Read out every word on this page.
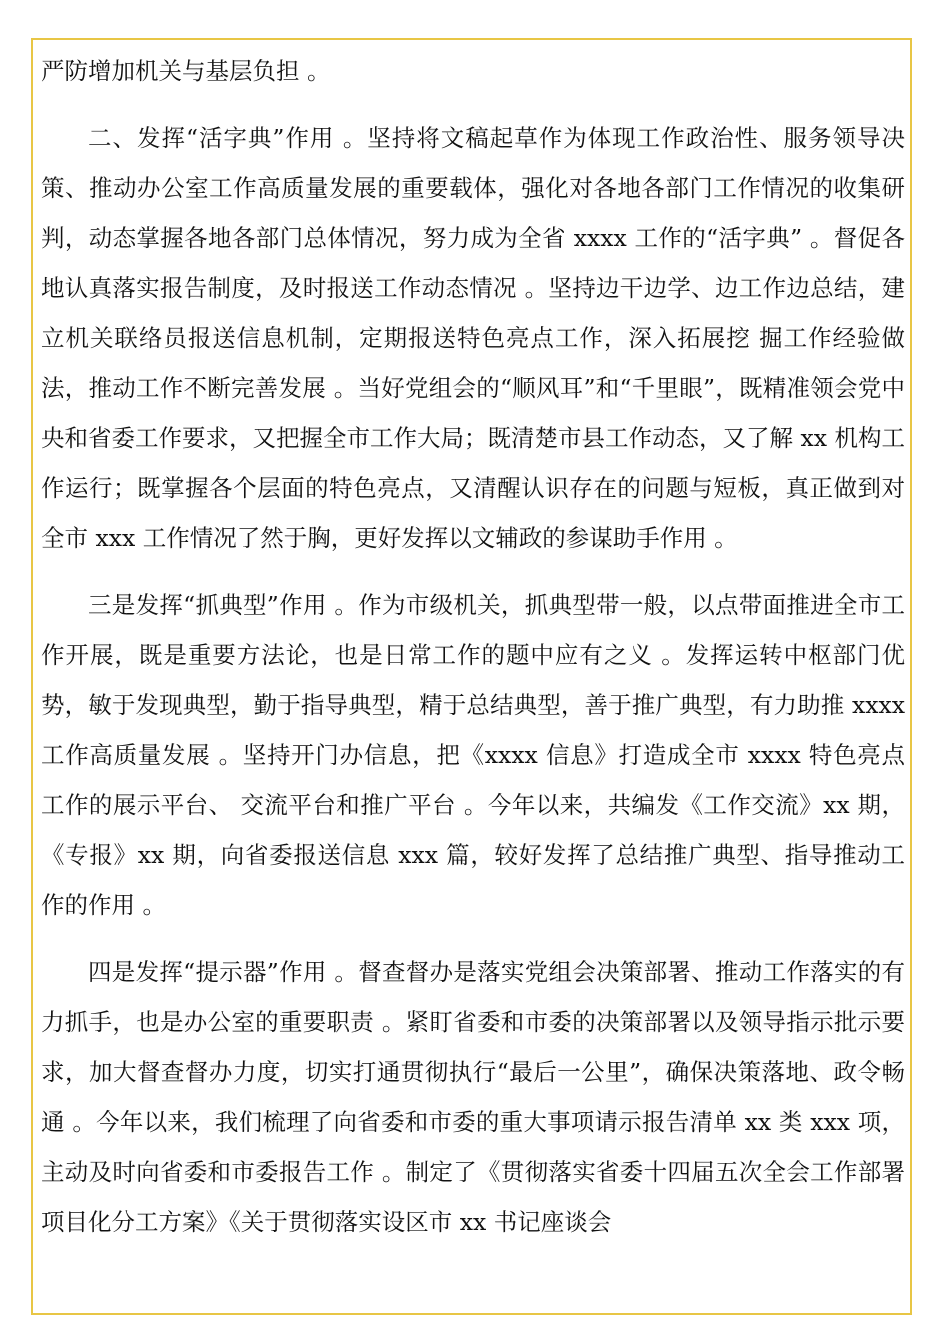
严防增加机关与基层负担 。

二、发挥“活字典”作用 。坚持将文稿起草作为体现工作政治性、服务领导决策、推动办公室工作高质量发展的重要载体，强化对各地各部门工作情况的收集研判，动态掌握各地各部门总体情况，努力成为全省 xxxx 工作的“活字典” 。督促各地认真落实报告制度，及时报送工作动态情况 。坚持边干边学、边工作边总结，建立机关联络员报送信息机制，定期报送特色亮点工作，深入拓展挖 掘工作经验做法，推动工作不断完善发展 。当好党组会的“顺风耳”和“千里眼”，既精准领会党中央和省委工作要求，又把握全市工作大局；既清楚市县工作动态，又了解 xx 机构工作运行；既掌握各个层面的特色亮点，又清醒认识存在的问题与短板，真正做到对全市 xxx 工作情况了然于胸，更好发挥以文辅政的参谋助手作用 。

三是发挥“抓典型”作用 。作为市级机关，抓典型带一般，以点带面推进全市工作开展，既是重要方法论，也是日常工作的题中应有之义 。发挥运转中枢部门优势，敏于发现典型，勤于指导典型，精于总结典型，善于推广典型，有力助推 xxxx 工作高质量发展 。坚持开门办信息，把《xxxx 信息》打造成全市 xxxx 特色亮点工作的展示平台、 交流平台和推广平台 。今年以来，共编发《工作交流》xx 期，《专报》xx 期，向省委报送信息 xxx 篇，较好发挥了总结推广典型、指导推动工作的作用 。

四是发挥“提示器”作用 。督查督办是落实党组会决策部署、推动工作落实的有力抓手，也是办公室的重要职责 。紧盯省委和市委的决策部署以及领导指示批示要求，加大督查督办力度，切实打通贯彻执行“最后一公里”，确保决策落地、政令畅通 。今年以来，我们梳理了向省委和市委的重大事项请示报告清单 xx 类 xxx 项，主动及时向省委和市委报告工作 。制定了《贯彻落实省委十四届五次全会工作部署项目化分工方案》《关于贯彻落实设区市 xx 书记座谈会
